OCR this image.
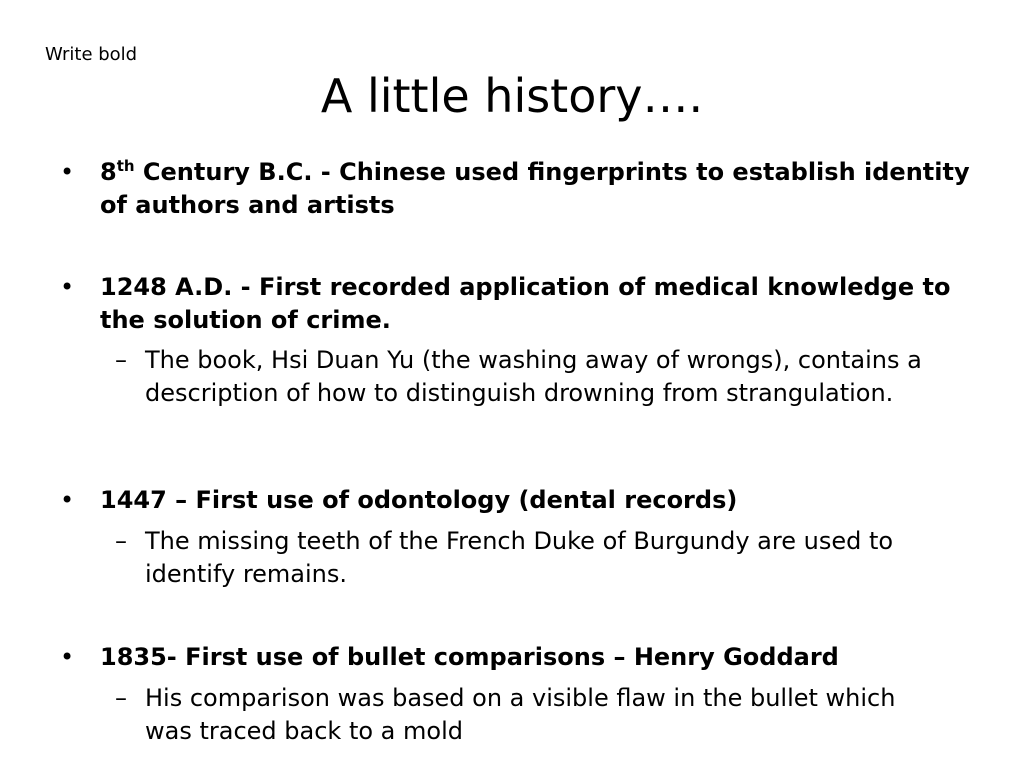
Write bold
A little history….
• 8th Century B.C. - Chinese used fingerprints to establish identity of authors and artists
• 1248 A.D. - First recorded application of medical knowledge to the solution of crime.
– The book, Hsi Duan Yu (the washing away of wrongs), contains a description of how to distinguish drowning from strangulation.
• 1447 – First use of odontology (dental records)
– The missing teeth of the French Duke of Burgundy are used to identify remains.
• 1835- First use of bullet comparisons – Henry Goddard
– His comparison was based on a visible flaw in the bullet which was traced back to a mold
